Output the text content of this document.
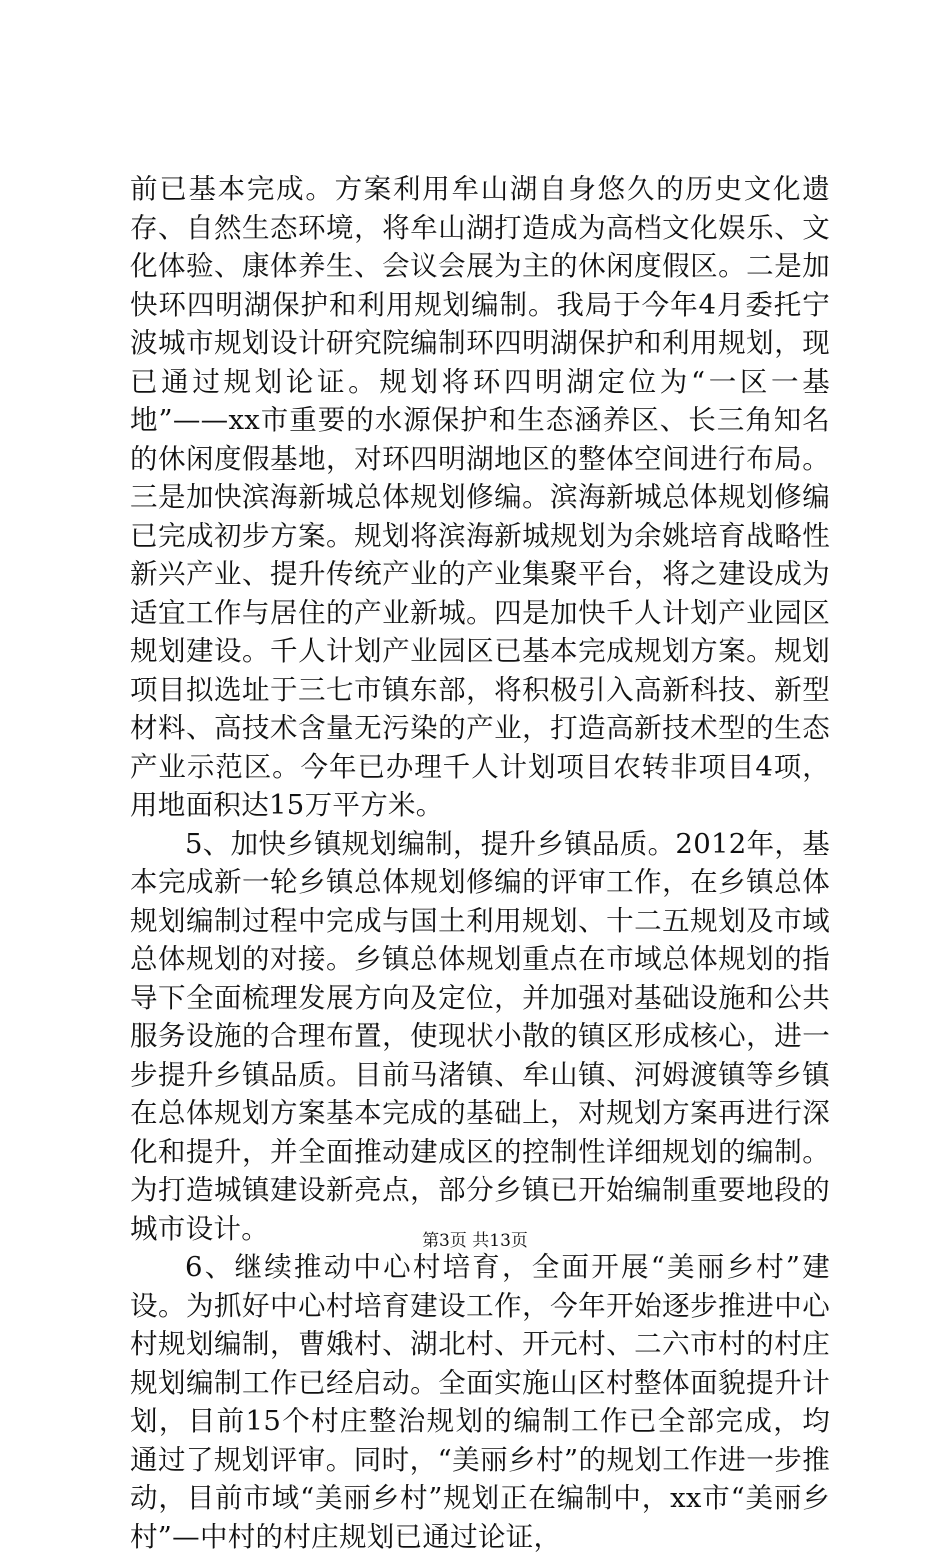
前已基本完成。方案利用牟山湖自身悠久的历史文化遗存、自然生态环境，将牟山湖打造成为高档文化娱乐、文化体验、康体养生、会议会展为主的休闲度假区。二是加快环四明湖保护和利用规划编制。我局于今年4月委托宁波城市规划设计研究院编制环四明湖保护和利用规划，现已通过规划论证。规划将环四明湖定位为“一区一基地”——xx市重要的水源保护和生态涵养区、长三角知名的休闲度假基地，对环四明湖地区的整体空间进行布局。三是加快滨海新城总体规划修编。滨海新城总体规划修编已完成初步方案。规划将滨海新城规划为余姚培育战略性新兴产业、提升传统产业的产业集聚平台，将之建设成为适宜工作与居住的产业新城。四是加快千人计划产业园区规划建设。千人计划产业园区已基本完成规划方案。规划项目拟选址于三七市镇东部，将积极引入高新科技、新型材料、高技术含量无污染的产业，打造高新技术型的生态产业示范区。今年已办理千人计划项目农转非项目4项，用地面积达15万平方米。

5、加快乡镇规划编制，提升乡镇品质。2012年，基本完成新一轮乡镇总体规划修编的评审工作，在乡镇总体规划编制过程中完成与国土利用规划、十二五规划及市域总体规划的对接。乡镇总体规划重点在市域总体规划的指导下全面梳理发展方向及定位，并加强对基础设施和公共服务设施的合理布置，使现状小散的镇区形成核心，进一步提升乡镇品质。目前马渚镇、牟山镇、河姆渡镇等乡镇在总体规划方案基本完成的基础上，对规划方案再进行深化和提升，并全面推动建成区的控制性详细规划的编制。为打造城镇建设新亮点，部分乡镇已开始编制重要地段的城市设计。

6、继续推动中心村培育，全面开展“美丽乡村”建设。为抓好中心村培育建设工作，今年开始逐步推进中心村规划编制，曹娥村、湖北村、开元村、二六市村的村庄规划编制工作已经启动。全面实施山区村整体面貌提升计划，目前15个村庄整治规划的编制工作已全部完成，均通过了规划评审。同时，“美丽乡村”的规划工作进一步推动，目前市域“美丽乡村”规划正在编制中，xx市“美丽乡村”—中村的村庄规划已通过论证，

第3页 共13页
